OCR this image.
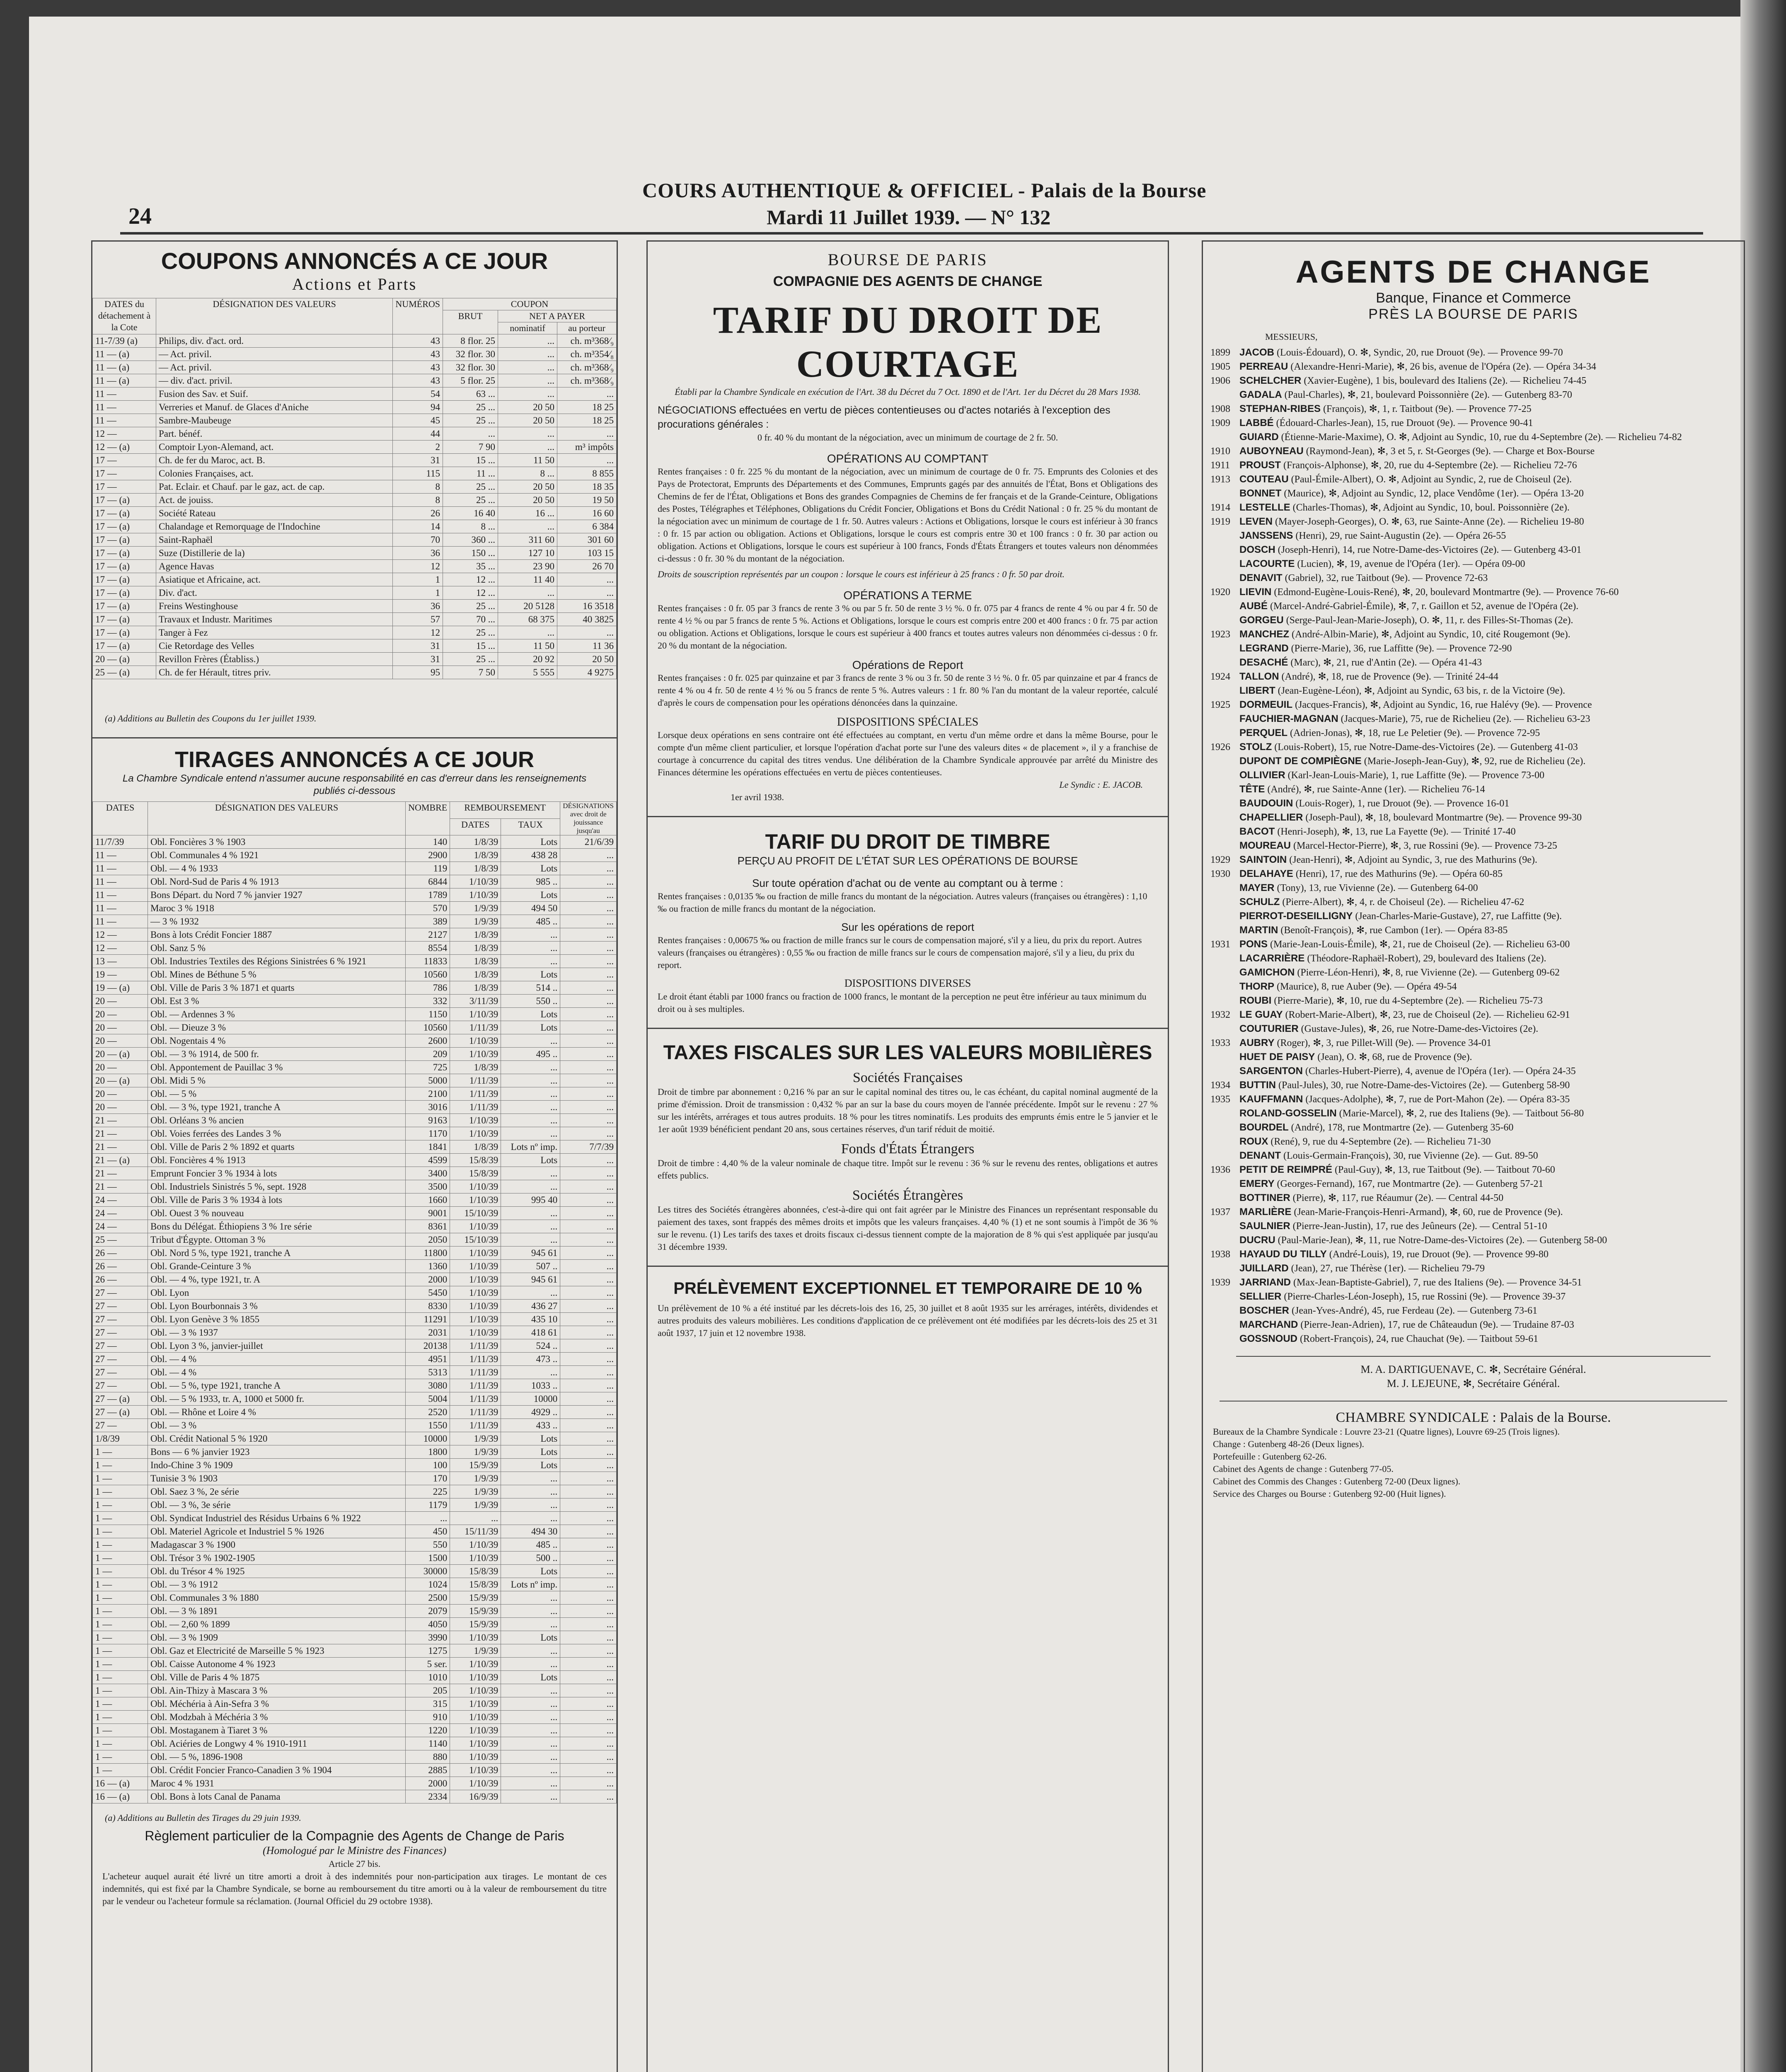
24
COURS AUTHENTIQUE & OFFICIEL - Palais de la Bourse
Mardi 11 Juillet 1939. — N° 132
COUPONS ANNONCÉS A CE JOUR
Actions et Parts
DATES du détachement à la Cote	DÉSIGNATION DES VALEURS	NUMÉROS	COUPON		
			BRUT	NET A PAYER	
				nominatif	au porteur
11-7/39 (a)	Philips, div. d'act. ord.	43	8 flor. 25	...	ch. m³368⁄₉
11 — (a)	— Act. privil.	43	32 flor. 30	...	ch. m³354⁄₈
11 — (a)	— Act. privil.	43	32 flor. 30	...	ch. m³368⁄₉
11 — (a)	— div. d'act. privil.	43	5 flor. 25	...	ch. m³368⁄₉
11 —	Fusion des Sav. et Suif.	54	63 ...	...	...
11 —	Verreries et Manuf. de Glaces d'Aniche	94	25 ...	20 50	18 25
11 —	Sambre-Maubeuge	45	25 ...	20 50	18 25
12 —	Part. bénéf.	44	...	...	...
12 — (a)	Comptoir Lyon-Alemand, act.	2	7 90	...	m³ impôts
17 —	Ch. de fer du Maroc, act. B.	31	15 ...	11 50	...
17 —	Colonies Françaises, act.	115	11 ...	8 ...	8 855
17 —	Pat. Eclair. et Chauf. par le gaz, act. de cap.	8	25 ...	20 50	18 35
17 — (a)	Act. de jouiss.	8	25 ...	20 50	19 50
17 — (a)	Société Rateau	26	16 40	16 ...	16 60
17 — (a)	Chalandage et Remorquage de l'Indochine	14	8 ...	...	6 384
17 — (a)	Saint-Raphaël	70	360 ...	311 60	301 60
17 — (a)	Suze (Distillerie de la)	36	150 ...	127 10	103 15
17 — (a)	Agence Havas	12	35 ...	23 90	26 70
17 — (a)	Asiatique et Africaine, act.	1	12 ...	11 40	...
17 — (a)	Div. d'act.	1	12 ...	...	...
17 — (a)	Freins Westinghouse	36	25 ...	20 5128	16 3518
17 — (a)	Travaux et Industr. Maritimes	57	70 ...	68 375	40 3825
17 — (a)	Tanger à Fez	12	25 ...	...	...
17 — (a)	Cie Retordage des Velles	31	15 ...	11 50	11 36
20 — (a)	Revillon Frères (Établiss.)	31	25 ...	20 92	20 50
25 — (a)	Ch. de fer Hérault, titres priv.	95	7 50	5 555	4 9275
(a) Additions au Bulletin des Coupons du 1er juillet 1939.
TIRAGES ANNONCÉS A CE JOUR
La Chambre Syndicale entend n'assumer aucune responsabilité en cas d'erreur dans les renseignements publiés ci-dessous
DATES	DÉSIGNATION DES VALEURS	NOMBRE	REMBOURSEMENT		DÉSIGNATIONS avec droit de jouissance jusqu'au
			DATES	TAUX	
11/7/39	Obl. Foncières 3 % 1903	140	1/8/39	Lots	21/6/39
11 —	Obl. Communales 4 % 1921	2900	1/8/39	438 28	...
11 —	Obl. — 4 % 1933	119	1/8/39	Lots	...
11 —	Obl. Nord-Sud de Paris 4 % 1913	6844	1/10/39	985 ..	...
11 —	Bons Départ. du Nord 7 % janvier 1927	1789	1/10/39	Lots	...
11 —	Maroc 3 % 1918	570	1/9/39	494 50	...
11 —	— 3 % 1932	389	1/9/39	485 ..	...
12 —	Bons à lots Crédit Foncier 1887	2127	1/8/39	...	...
12 —	Obl. Sanz 5 %	8554	1/8/39	...	...
13 —	Obl. Industries Textiles des Régions Sinistrées 6 % 1921	11833	1/8/39	...	...
19 —	Obl. Mines de Béthune 5 %	10560	1/8/39	Lots	...
19 — (a)	Obl. Ville de Paris 3 % 1871 et quarts	786	1/8/39	514 ..	...
20 —	Obl. Est 3 %	332	3/11/39	550 ..	...
20 —	Obl. — Ardennes 3 %	1150	1/10/39	Lots	...
20 —	Obl. — Dieuze 3 %	10560	1/11/39	Lots	...
20 —	Obl. Nogentais 4 %	2600	1/10/39	...	...
20 — (a)	Obl. — 3 % 1914, de 500 fr.	209	1/10/39	495 ..	...
20 —	Obl. Appontement de Pauillac 3 %	725	1/8/39	...	...
20 — (a)	Obl. Midi 5 %	5000	1/11/39	...	...
20 —	Obl. — 5 %	2100	1/11/39	...	...
20 —	Obl. — 3 %, type 1921, tranche A	3016	1/11/39	...	...
21 —	Obl. Orléans 3 % ancien	9163	1/10/39	...	...
21 —	Obl. Voies ferrées des Landes 3 %	1170	1/10/39	...	...
21 —	Obl. Ville de Paris 2 % 1892 et quarts	1841	1/8/39	Lots nº imp.	7/7/39
21 — (a)	Obl. Foncières 4 % 1913	4599	15/8/39	Lots	...
21 —	Emprunt Foncier 3 % 1934 à lots	3400	15/8/39	...	...
21 —	Obl. Industriels Sinistrés 5 %, sept. 1928	3500	1/10/39	...	...
24 —	Obl. Ville de Paris 3 % 1934 à lots	1660	1/10/39	995 40	...
24 —	Obl. Ouest 3 % nouveau	9001	15/10/39	...	...
24 —	Bons du Délégat. Éthiopiens 3 % 1re série	8361	1/10/39	...	...
25 —	Tribut d'Égypte. Ottoman 3 %	2050	15/10/39	...	...
26 —	Obl. Nord 5 %, type 1921, tranche A	11800	1/10/39	945 61	...
26 —	Obl. Grande-Ceinture 3 %	1360	1/10/39	507 ..	...
26 —	Obl. — 4 %, type 1921, tr. A	2000	1/10/39	945 61	...
27 —	Obl. Lyon	5450	1/10/39	...	...
27 —	Obl. Lyon Bourbonnais 3 %	8330	1/10/39	436 27	...
27 —	Obl. Lyon Genève 3 % 1855	11291	1/10/39	435 10	...
27 —	Obl. — 3 % 1937	2031	1/10/39	418 61	...
27 —	Obl. Lyon 3 %, janvier-juillet	20138	1/11/39	524 ..	...
27 —	Obl. — 4 %	4951	1/11/39	473 ..	...
27 —	Obl. — 4 %	5313	1/11/39	...	...
27 —	Obl. — 5 %, type 1921, tranche A	3080	1/11/39	1033 ..	...
27 — (a)	Obl. — 5 % 1933, tr. A, 1000 et 5000 fr.	5004	1/11/39	10000	...
27 — (a)	Obl. — Rhône et Loire 4 %	2520	1/11/39	4929 ..	...
27 —	Obl. — 3 %	1550	1/11/39	433 ..	...
1/8/39	Obl. Crédit National 5 % 1920	10000	1/9/39	Lots	...
1 —	Bons — 6 % janvier 1923	1800	1/9/39	Lots	...
1 —	Indo-Chine 3 % 1909	100	15/9/39	Lots	...
1 —	Tunisie 3 % 1903	170	1/9/39	...	...
1 —	Obl. Saez 3 %, 2e série	225	1/9/39	...	...
1 —	Obl. — 3 %, 3e série	1179	1/9/39	...	...
1 —	Obl. Syndicat Industriel des Résidus Urbains 6 % 1922	...	...	...	...
1 —	Obl. Materiel Agricole et Industriel 5 % 1926	450	15/11/39	494 30	...
1 —	Madagascar 3 % 1900	550	1/10/39	485 ..	...
1 —	Obl. Trésor 3 % 1902-1905	1500	1/10/39	500 ..	...
1 —	Obl. du Trésor 4 % 1925	30000	15/8/39	Lots	...
1 —	Obl. — 3 % 1912	1024	15/8/39	Lots nº imp.	...
1 —	Obl. Communales 3 % 1880	2500	15/9/39	...	...
1 —	Obl. — 3 % 1891	2079	15/9/39	...	...
1 —	Obl. — 2,60 % 1899	4050	15/9/39	...	...
1 —	Obl. — 3 % 1909	3990	1/10/39	Lots	...
1 —	Obl. Gaz et Electricité de Marseille 5 % 1923	1275	1/9/39	...	...
1 —	Obl. Caisse Autonome 4 % 1923	5 ser.	1/10/39	...	...
1 —	Obl. Ville de Paris 4 % 1875	1010	1/10/39	Lots	...
1 —	Obl. Ain-Thizy à Mascara 3 %	205	1/10/39	...	...
1 —	Obl. Méchéria à Ain-Sefra 3 %	315	1/10/39	...	...
1 —	Obl. Modzbah à Méchéria 3 %	910	1/10/39	...	...
1 —	Obl. Mostaganem à Tiaret 3 %	1220	1/10/39	...	...
1 —	Obl. Aciéries de Longwy 4 % 1910-1911	1140	1/10/39	...	...
1 —	Obl. — 5 %, 1896-1908	880	1/10/39	...	...
1 —	Obl. Crédit Foncier Franco-Canadien 3 % 1904	2885	1/10/39	...	...
16 — (a)	Maroc 4 % 1931	2000	1/10/39	...	...
16 — (a)	Obl. Bons à lots Canal de Panama	2334	16/9/39	...	...
(a) Additions au Bulletin des Tirages du 29 juin 1939.
Règlement particulier de la Compagnie des Agents de Change de Paris
(Homologué par le Ministre des Finances)
Article 27 bis.
L'acheteur auquel aurait été livré un titre amorti a droit à des indemnités pour non-participation aux tirages. Le montant de ces indemnités, qui est fixé par la Chambre Syndicale, se borne au remboursement du titre amorti ou à la valeur de remboursement du titre par le vendeur ou l'acheteur formule sa réclamation. (Journal Officiel du 29 octobre 1938).
BOURSE DE PARIS
COMPAGNIE DES AGENTS DE CHANGE
TARIF DU DROIT DE COURTAGE
Établi par la Chambre Syndicale en exécution de l'Art. 38 du Décret du 7 Oct. 1890 et de l'Art. 1er du Décret du 28 Mars 1938.
NÉGOCIATIONS effectuées en vertu de pièces contentieuses ou d'actes notariés à l'exception des procurations générales :
0 fr. 40 % du montant de la négociation, avec un minimum de courtage de 2 fr. 50.
OPÉRATIONS AU COMPTANT
Rentes françaises : 0 fr. 225 % du montant de la négociation, avec un minimum de courtage de 0 fr. 75. Emprunts des Colonies et des Pays de Protectorat, Emprunts des Départements et des Communes, Emprunts gagés par des annuités de l'État, Bons et Obligations des Chemins de fer de l'État, Obligations et Bons des grandes Compagnies de Chemins de fer français et de la Grande-Ceinture, Obligations des Postes, Télégraphes et Téléphones, Obligations du Crédit Foncier, Obligations et Bons du Crédit National : 0 fr. 25 % du montant de la négociation avec un minimum de courtage de 1 fr. 50. Autres valeurs : Actions et Obligations, lorsque le cours est inférieur à 30 francs : 0 fr. 15 par action ou obligation. Actions et Obligations, lorsque le cours est compris entre 30 et 100 francs : 0 fr. 30 par action ou obligation. Actions et Obligations, lorsque le cours est supérieur à 100 francs, Fonds d'États Étrangers et toutes valeurs non dénommées ci-dessus : 0 fr. 30 % du montant de la négociation.
Droits de souscription représentés par un coupon : lorsque le cours est inférieur à 25 francs : 0 fr. 50 par droit.
OPÉRATIONS A TERME
Rentes françaises : 0 fr. 05 par 3 francs de rente 3 % ou par 5 fr. 50 de rente 3 ½ %. 0 fr. 075 par 4 francs de rente 4 % ou par 4 fr. 50 de rente 4 ½ % ou par 5 francs de rente 5 %. Actions et Obligations, lorsque le cours est compris entre 200 et 400 francs : 0 fr. 75 par action ou obligation. Actions et Obligations, lorsque le cours est supérieur à 400 francs et toutes autres valeurs non dénommées ci-dessus : 0 fr. 20 % du montant de la négociation.
Opérations de Report
Rentes françaises : 0 fr. 025 par quinzaine et par 3 francs de rente 3 % ou 3 fr. 50 de rente 3 ½ %. 0 fr. 05 par quinzaine et par 4 francs de rente 4 % ou 4 fr. 50 de rente 4 ½ % ou 5 francs de rente 5 %. Autres valeurs : 1 fr. 80 % l'an du montant de la valeur reportée, calculé d'après le cours de compensation pour les opérations dénoncées dans la quinzaine.
DISPOSITIONS SPÉCIALES
Lorsque deux opérations en sens contraire ont été effectuées au comptant, en vertu d'un même ordre et dans la même Bourse, pour le compte d'un même client particulier, et lorsque l'opération d'achat porte sur l'une des valeurs dites « de placement », il y a franchise de courtage à concurrence du capital des titres vendus. Une délibération de la Chambre Syndicale approuvée par arrêté du Ministre des Finances détermine les opérations effectuées en vertu de pièces contentieuses.
Le Syndic : E. JACOB.
1er avril 1938.
TARIF DU DROIT DE TIMBRE
PERÇU AU PROFIT DE L'ÉTAT SUR LES OPÉRATIONS DE BOURSE
Sur toute opération d'achat ou de vente au comptant ou à terme :
Rentes françaises : 0,0135 ‰ ou fraction de mille francs du montant de la négociation. Autres valeurs (françaises ou étrangères) : 1,10 ‰ ou fraction de mille francs du montant de la négociation.
Sur les opérations de report
Rentes françaises : 0,00675 ‰ ou fraction de mille francs sur le cours de compensation majoré, s'il y a lieu, du prix du report. Autres valeurs (françaises ou étrangères) : 0,55 ‰ ou fraction de mille francs sur le cours de compensation majoré, s'il y a lieu, du prix du report.
DISPOSITIONS DIVERSES
Le droit étant établi par 1000 francs ou fraction de 1000 francs, le montant de la perception ne peut être inférieur au taux minimum du droit ou à ses multiples.
TAXES FISCALES SUR LES VALEURS MOBILIÈRES
Sociétés Françaises
Droit de timbre par abonnement : 0,216 % par an sur le capital nominal des titres ou, le cas échéant, du capital nominal augmenté de la prime d'émission. Droit de transmission : 0,432 % par an sur la base du cours moyen de l'année précédente. Impôt sur le revenu : 27 % sur les intérêts, arrérages et tous autres produits. 18 % pour les titres nominatifs. Les produits des emprunts émis entre le 5 janvier et le 1er août 1939 bénéficient pendant 20 ans, sous certaines réserves, d'un tarif réduit de moitié.
Fonds d'États Étrangers
Droit de timbre : 4,40 % de la valeur nominale de chaque titre. Impôt sur le revenu : 36 % sur le revenu des rentes, obligations et autres effets publics.
Sociétés Étrangères
Les titres des Sociétés étrangères abonnées, c'est-à-dire qui ont fait agréer par le Ministre des Finances un représentant responsable du paiement des taxes, sont frappés des mêmes droits et impôts que les valeurs françaises. 4,40 % (1) et ne sont soumis à l'impôt de 36 % sur le revenu. (1) Les tarifs des taxes et droits fiscaux ci-dessus tiennent compte de la majoration de 8 % qui s'est appliquée par jusqu'au 31 décembre 1939.
PRÉLÈVEMENT EXCEPTIONNEL ET TEMPORAIRE DE 10 %
Un prélèvement de 10 % a été institué par les décrets-lois des 16, 25, 30 juillet et 8 août 1935 sur les arrérages, intérêts, dividendes et autres produits des valeurs mobilières. Les conditions d'application de ce prélèvement ont été modifiées par les décrets-lois des 25 et 31 août 1937, 17 juin et 12 novembre 1938.
AGENTS DE CHANGE
Banque, Finance et Commerce
PRÈS LA BOURSE DE PARIS
MESSIEURS,
1899 JACOB (Louis-Édouard), O. ✻, Syndic, 20, rue Drouot (9e). — Provence 99-70
1905 PERREAU (Alexandre-Henri-Marie), ✻, 26 bis, avenue de l'Opéra (2e). — Opéra 34-34
1906 SCHELCHER (Xavier-Eugène), 1 bis, boulevard des Italiens (2e). — Richelieu 74-45
GADALA (Paul-Charles), ✻, 21, boulevard Poissonnière (2e). — Gutenberg 83-70
1908 STEPHAN-RIBES (François), ✻, 1, r. Taitbout (9e). — Provence 77-25
1909 LABBÉ (Édouard-Charles-Jean), 15, rue Drouot (9e). — Provence 90-41
GUIARD (Étienne-Marie-Maxime), O. ✻, Adjoint au Syndic, 10, rue du 4-Septembre (2e). — Richelieu 74-82
1910 AUBOYNEAU (Raymond-Jean), ✻, 3 et 5, r. St-Georges (9e). — Charge et Box-Bourse
1911 PROUST (François-Alphonse), ✻, 20, rue du 4-Septembre (2e). — Richelieu 72-76
1913 COUTEAU (Paul-Émile-Albert), O. ✻, Adjoint au Syndic, 2, rue de Choiseul (2e).
BONNET (Maurice), ✻, Adjoint au Syndic, 12, place Vendôme (1er). — Opéra 13-20
1914 LESTELLE (Charles-Thomas), ✻, Adjoint au Syndic, 10, boul. Poissonnière (2e).
1919 LEVEN (Mayer-Joseph-Georges), O. ✻, 63, rue Sainte-Anne (2e). — Richelieu 19-80
JANSSENS (Henri), 29, rue Saint-Augustin (2e). — Opéra 26-55
DOSCH (Joseph-Henri), 14, rue Notre-Dame-des-Victoires (2e). — Gutenberg 43-01
LACOURTE (Lucien), ✻, 19, avenue de l'Opéra (1er). — Opéra 09-00
DENAVIT (Gabriel), 32, rue Taitbout (9e). — Provence 72-63
1920 LIEVIN (Edmond-Eugène-Louis-René), ✻, 20, boulevard Montmartre (9e). — Provence 76-60
AUBÉ (Marcel-André-Gabriel-Émile), ✻, 7, r. Gaillon et 52, avenue de l'Opéra (2e).
GORGEU (Serge-Paul-Jean-Marie-Joseph), O. ✻, 11, r. des Filles-St-Thomas (2e).
1923 MANCHEZ (André-Albin-Marie), ✻, Adjoint au Syndic, 10, cité Rougemont (9e).
LEGRAND (Pierre-Marie), 36, rue Laffitte (9e). — Provence 72-90
DESACHÉ (Marc), ✻, 21, rue d'Antin (2e). — Opéra 41-43
1924 TALLON (André), ✻, 18, rue de Provence (9e). — Trinité 24-44
LIBERT (Jean-Eugène-Léon), ✻, Adjoint au Syndic, 63 bis, r. de la Victoire (9e).
1925 DORMEUIL (Jacques-Francis), ✻, Adjoint au Syndic, 16, rue Halévy (9e). — Provence
FAUCHIER-MAGNAN (Jacques-Marie), 75, rue de Richelieu (2e). — Richelieu 63-23
PERQUEL (Adrien-Jonas), ✻, 18, rue Le Peletier (9e). — Provence 72-95
1926 STOLZ (Louis-Robert), 15, rue Notre-Dame-des-Victoires (2e). — Gutenberg 41-03
DUPONT DE COMPIÈGNE (Marie-Joseph-Jean-Guy), ✻, 92, rue de Richelieu (2e).
OLLIVIER (Karl-Jean-Louis-Marie), 1, rue Laffitte (9e). — Provence 73-00
TÊTE (André), ✻, rue Sainte-Anne (1er). — Richelieu 76-14
BAUDOUIN (Louis-Roger), 1, rue Drouot (9e). — Provence 16-01
CHAPELLIER (Joseph-Paul), ✻, 18, boulevard Montmartre (9e). — Provence 99-30
BACOT (Henri-Joseph), ✻, 13, rue La Fayette (9e). — Trinité 17-40
MOUREAU (Marcel-Hector-Pierre), ✻, 3, rue Rossini (9e). — Provence 73-25
1929 SAINTOIN (Jean-Henri), ✻, Adjoint au Syndic, 3, rue des Mathurins (9e).
1930 DELAHAYE (Henri), 17, rue des Mathurins (9e). — Opéra 60-85
MAYER (Tony), 13, rue Vivienne (2e). — Gutenberg 64-00
SCHULZ (Pierre-Albert), ✻, 4, r. de Choiseul (2e). — Richelieu 47-62
PIERROT-DESEILLIGNY (Jean-Charles-Marie-Gustave), 27, rue Laffitte (9e).
MARTIN (Benoît-François), ✻, rue Cambon (1er). — Opéra 83-85
1931 PONS (Marie-Jean-Louis-Émile), ✻, 21, rue de Choiseul (2e). — Richelieu 63-00
LACARRIÈRE (Théodore-Raphaël-Robert), 29, boulevard des Italiens (2e).
GAMICHON (Pierre-Léon-Henri), ✻, 8, rue Vivienne (2e). — Gutenberg 09-62
THORP (Maurice), 8, rue Auber (9e). — Opéra 49-54
ROUBI (Pierre-Marie), ✻, 10, rue du 4-Septembre (2e). — Richelieu 75-73
1932 LE GUAY (Robert-Marie-Albert), ✻, 23, rue de Choiseul (2e). — Richelieu 62-91
COUTURIER (Gustave-Jules), ✻, 26, rue Notre-Dame-des-Victoires (2e).
1933 AUBRY (Roger), ✻, 3, rue Pillet-Will (9e). — Provence 34-01
HUET DE PAISY (Jean), O. ✻, 68, rue de Provence (9e).
SARGENTON (Charles-Hubert-Pierre), 4, avenue de l'Opéra (1er). — Opéra 24-35
1934 BUTTIN (Paul-Jules), 30, rue Notre-Dame-des-Victoires (2e). — Gutenberg 58-90
1935 KAUFFMANN (Jacques-Adolphe), ✻, 7, rue de Port-Mahon (2e). — Opéra 83-35
ROLAND-GOSSELIN (Marie-Marcel), ✻, 2, rue des Italiens (9e). — Taitbout 56-80
BOURDEL (André), 178, rue Montmartre (2e). — Gutenberg 35-60
ROUX (René), 9, rue du 4-Septembre (2e). — Richelieu 71-30
DENANT (Louis-Germain-François), 30, rue Vivienne (2e). — Gut. 89-50
1936 PETIT DE REIMPRÉ (Paul-Guy), ✻, 13, rue Taitbout (9e). — Taitbout 70-60
EMERY (Georges-Fernand), 167, rue Montmartre (2e). — Gutenberg 57-21
BOTTINER (Pierre), ✻, 117, rue Réaumur (2e). — Central 44-50
1937 MARLIÈRE (Jean-Marie-François-Henri-Armand), ✻, 60, rue de Provence (9e).
SAULNIER (Pierre-Jean-Justin), 17, rue des Jeûneurs (2e). — Central 51-10
DUCRU (Paul-Marie-Jean), ✻, 11, rue Notre-Dame-des-Victoires (2e). — Gutenberg 58-00
1938 HAYAUD DU TILLY (André-Louis), 19, rue Drouot (9e). — Provence 99-80
JUILLARD (Jean), 27, rue Thérèse (1er). — Richelieu 79-79
1939 JARRIAND (Max-Jean-Baptiste-Gabriel), 7, rue des Italiens (9e). — Provence 34-51
SELLIER (Pierre-Charles-Léon-Joseph), 15, rue Rossini (9e). — Provence 39-37
BOSCHER (Jean-Yves-André), 45, rue Ferdeau (2e). — Gutenberg 73-61
MARCHAND (Pierre-Jean-Adrien), 17, rue de Châteaudun (9e). — Trudaine 87-03
GOSSNOUD (Robert-François), 24, rue Chauchat (9e). — Taitbout 59-61
M. A. DARTIGUENAVE, C. ✻, Secrétaire Général.
M. J. LEJEUNE, ✻, Secrétaire Général.
CHAMBRE SYNDICALE : Palais de la Bourse.
Bureaux de la Chambre Syndicale : Louvre 23-21 (Quatre lignes), Louvre 69-25 (Trois lignes).
Change : Gutenberg 48-26 (Deux lignes).
Portefeuille : Gutenberg 62-26.
Cabinet des Agents de change : Gutenberg 77-05.
Cabinet des Commis des Changes : Gutenberg 72-00 (Deux lignes).
Service des Charges ou Bourse : Gutenberg 92-00 (Huit lignes).
